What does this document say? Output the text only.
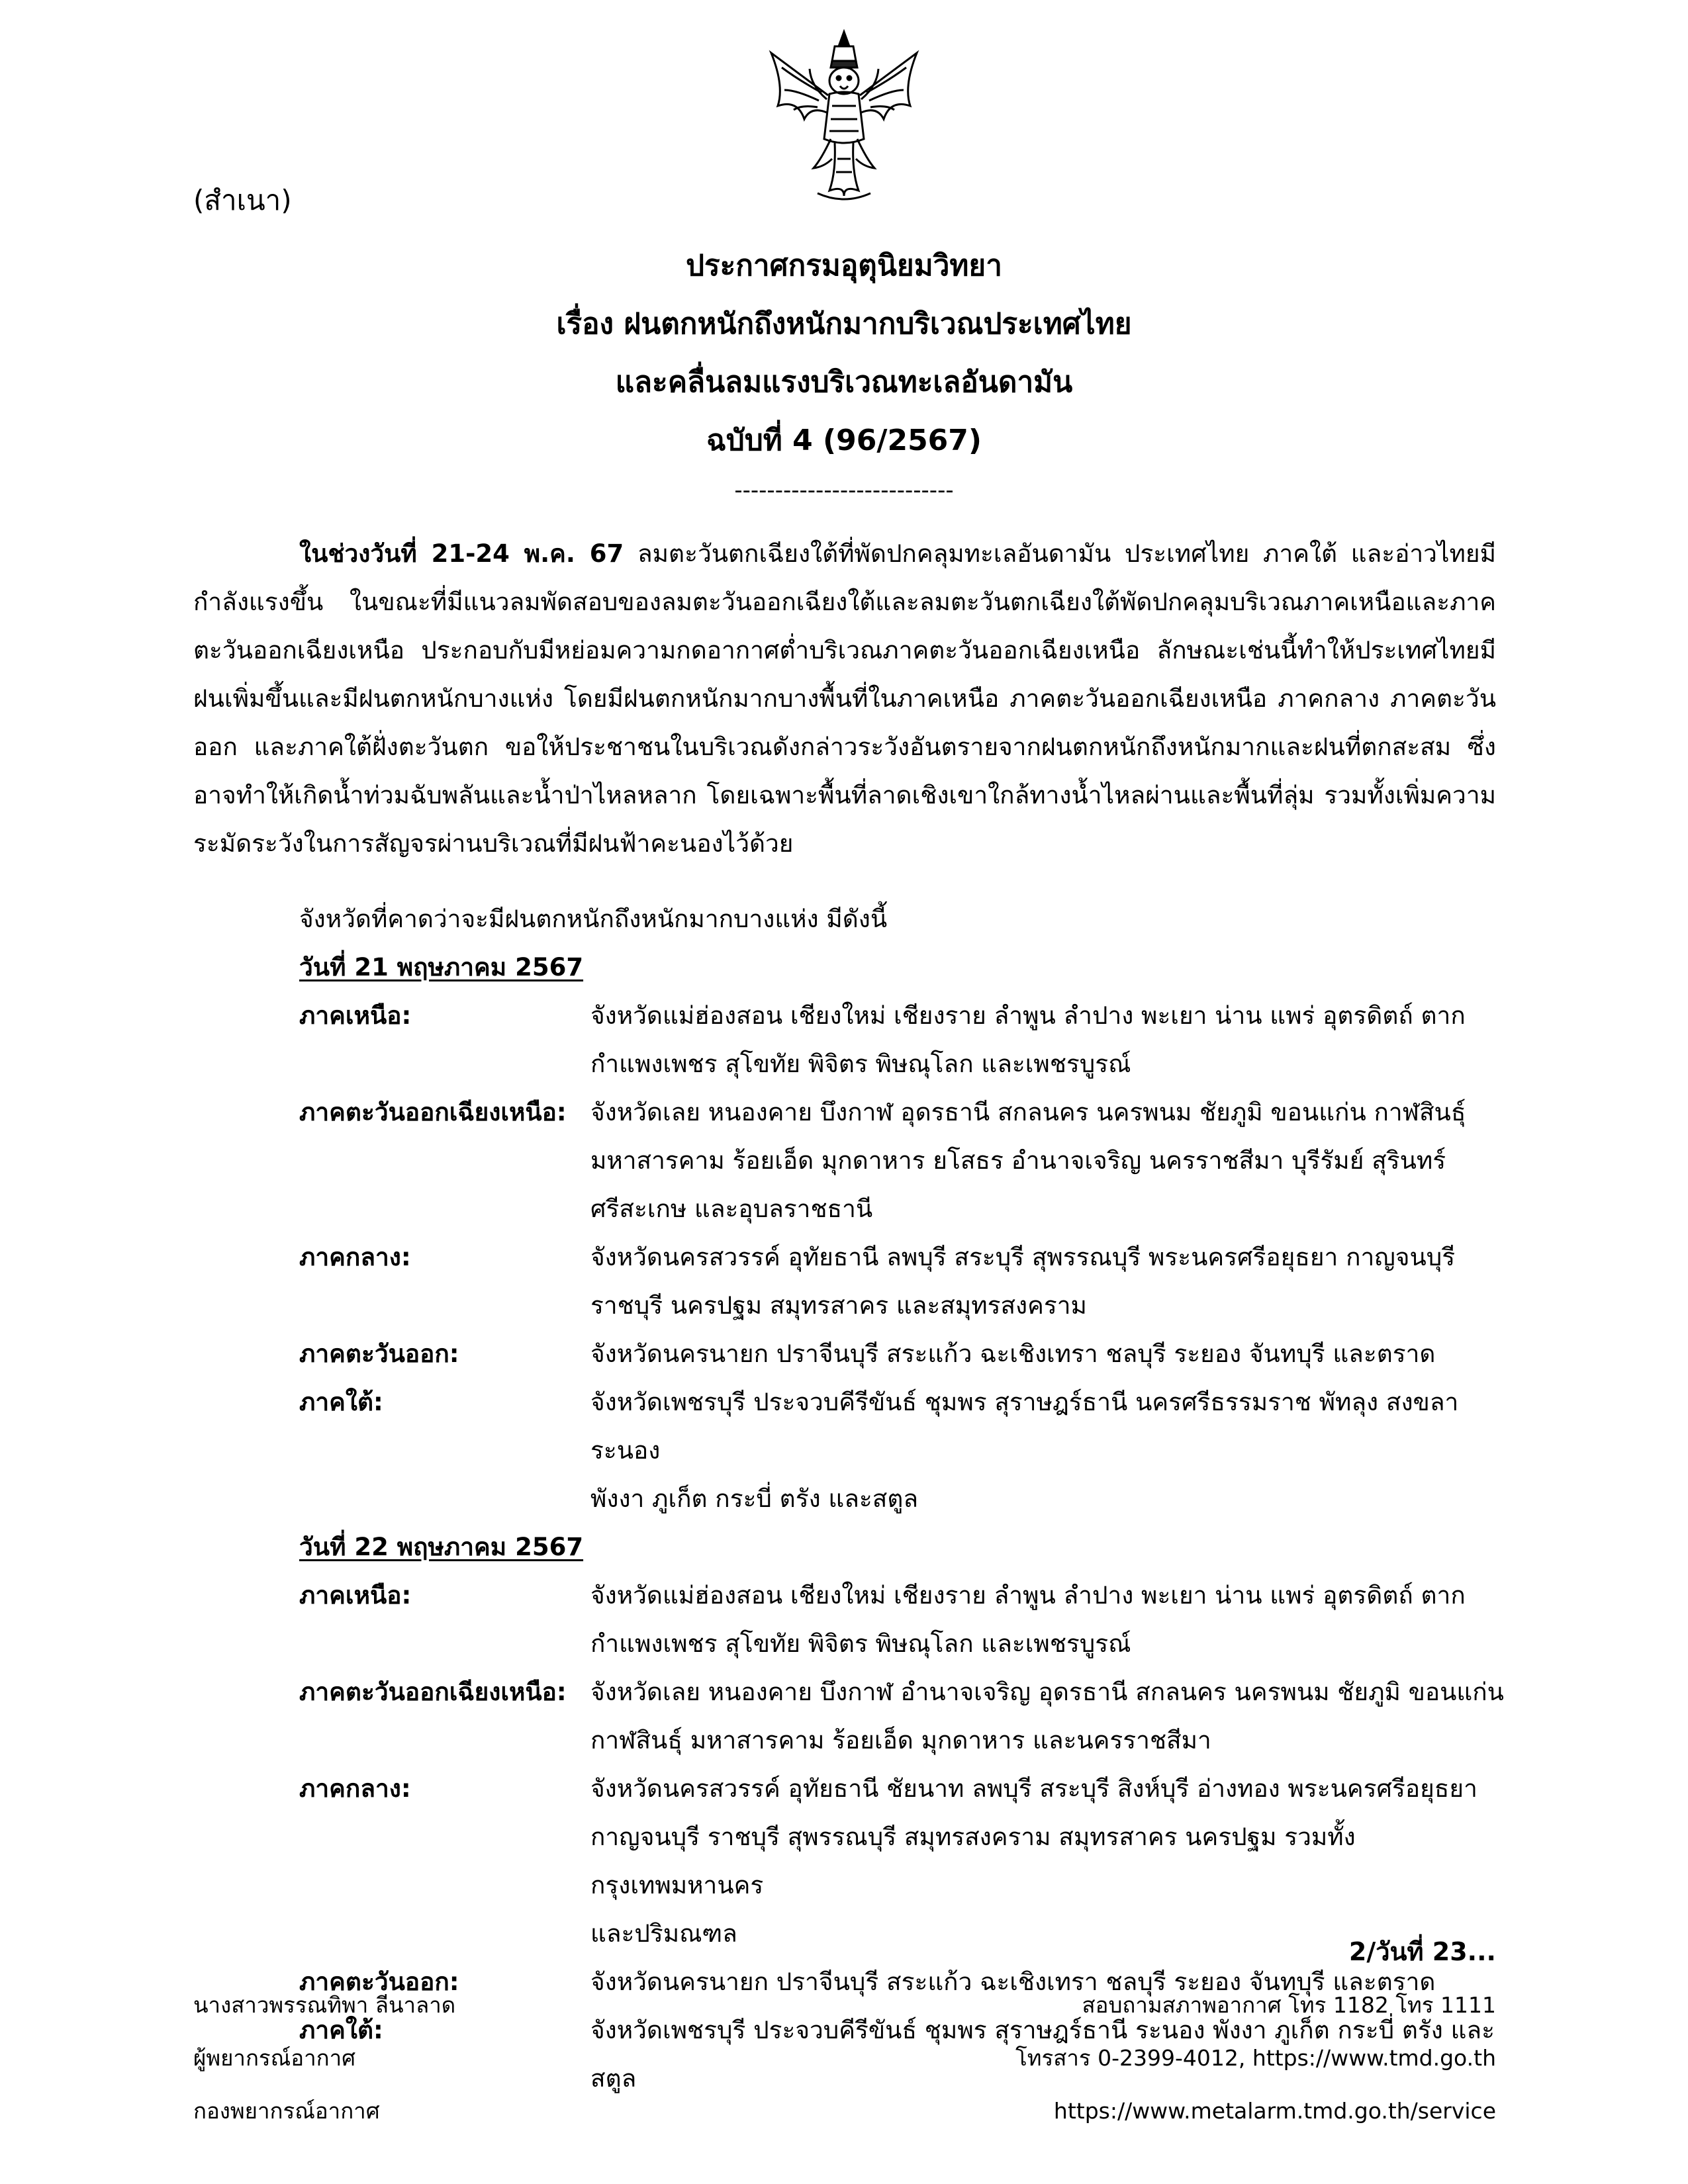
(สำเนา)
ประกาศกรมอุตุนิยมวิทยา
เรื่อง ฝนตกหนักถึงหนักมากบริเวณประเทศไทย
และคลื่นลมแรงบริเวณทะเลอันดามัน
ฉบับที่ 4 (96/2567)
---------------------------
ในช่วงวันที่ 21-24 พ.ค. 67 ลมตะวันตกเฉียงใต้ที่พัดปกคลุมทะเลอันดามัน ประเทศไทย ภาคใต้ และอ่าวไทยมีกำลังแรงขึ้น ในขณะที่มีแนวลมพัดสอบของลมตะวันออกเฉียงใต้และลมตะวันตกเฉียงใต้พัดปกคลุมบริเวณภาคเหนือและภาคตะวันออกเฉียงเหนือ ประกอบกับมีหย่อมความกดอากาศต่ำบริเวณภาคตะวันออกเฉียงเหนือ ลักษณะเช่นนี้ทำให้ประเทศไทยมีฝนเพิ่มขึ้นและมีฝนตกหนักบางแห่ง โดยมีฝนตกหนักมากบางพื้นที่ในภาคเหนือ ภาคตะวันออกเฉียงเหนือ ภาคกลาง ภาคตะวันออก และภาคใต้ฝั่งตะวันตก ขอให้ประชาชนในบริเวณดังกล่าวระวังอันตรายจากฝนตกหนักถึงหนักมากและฝนที่ตกสะสม ซึ่งอาจทำให้เกิดน้ำท่วมฉับพลันและน้ำป่าไหลหลาก โดยเฉพาะพื้นที่ลาดเชิงเขาใกล้ทางน้ำไหลผ่านและพื้นที่ลุ่ม รวมทั้งเพิ่มความระมัดระวังในการสัญจรผ่านบริเวณที่มีฝนฟ้าคะนองไว้ด้วย
จังหวัดที่คาดว่าจะมีฝนตกหนักถึงหนักมากบางแห่ง มีดังนี้
วันที่ 21 พฤษภาคม 2567
ภาคเหนือ:	จังหวัดแม่ฮ่องสอน เชียงใหม่ เชียงราย ลำพูน ลำปาง พะเยา น่าน แพร่ อุตรดิตถ์ ตาก
กำแพงเพชร สุโขทัย พิจิตร พิษณุโลก และเพชรบูรณ์
ภาคตะวันออกเฉียงเหนือ: จังหวัดเลย หนองคาย บึงกาฬ อุดรธานี สกลนคร นครพนม ชัยภูมิ ขอนแก่น กาฬสินธุ์
มหาสารคาม ร้อยเอ็ด มุกดาหาร ยโสธร อำนาจเจริญ นครราชสีมา บุรีรัมย์ สุรินทร์
ศรีสะเกษ และอุบลราชธานี
ภาคกลาง:	จังหวัดนครสวรรค์ อุทัยธานี ลพบุรี สระบุรี สุพรรณบุรี พระนครศรีอยุธยา กาญจนบุรี
ราชบุรี นครปฐม สมุทรสาคร และสมุทรสงคราม
ภาคตะวันออก:	จังหวัดนครนายก ปราจีนบุรี สระแก้ว ฉะเชิงเทรา ชลบุรี ระยอง จันทบุรี และตราด
ภาคใต้:	จังหวัดเพชรบุรี ประจวบคีรีขันธ์ ชุมพร สุราษฎร์ธานี นครศรีธรรมราช พัทลุง สงขลา ระนอง
พังงา ภูเก็ต กระบี่ ตรัง และสตูล
วันที่ 22 พฤษภาคม 2567
ภาคเหนือ:	จังหวัดแม่ฮ่องสอน เชียงใหม่ เชียงราย ลำพูน ลำปาง พะเยา น่าน แพร่ อุตรดิตถ์ ตาก
กำแพงเพชร สุโขทัย พิจิตร พิษณุโลก และเพชรบูรณ์
ภาคตะวันออกเฉียงเหนือ: จังหวัดเลย หนองคาย บึงกาฬ อำนาจเจริญ อุดรธานี สกลนคร นครพนม ชัยภูมิ ขอนแก่น
กาฬสินธุ์ มหาสารคาม ร้อยเอ็ด มุกดาหาร และนครราชสีมา
ภาคกลาง:	จังหวัดนครสวรรค์ อุทัยธานี ชัยนาท ลพบุรี สระบุรี สิงห์บุรี อ่างทอง พระนครศรีอยุธยา
กาญจนบุรี ราชบุรี สุพรรณบุรี สมุทรสงคราม สมุทรสาคร นครปฐม รวมทั้งกรุงเทพมหานคร
และปริมณฑล
ภาคตะวันออก:	จังหวัดนครนายก ปราจีนบุรี สระแก้ว ฉะเชิงเทรา ชลบุรี ระยอง จันทบุรี และตราด
ภาคใต้:	จังหวัดเพชรบุรี ประจวบคีรีขันธ์ ชุมพร สุราษฎร์ธานี ระนอง พังงา ภูเก็ต กระบี่ ตรัง และสตูล
2/วันที่ 23...
นางสาวพรรณทิพา ลีนาลาด
ผู้พยากรณ์อากาศ
กองพยากรณ์อากาศ
สอบถามสภาพอากาศ โทร 1182 โทร 1111
โทรสาร 0-2399-4012, https://www.tmd.go.th
https://www.metalarm.tmd.go.th/service
